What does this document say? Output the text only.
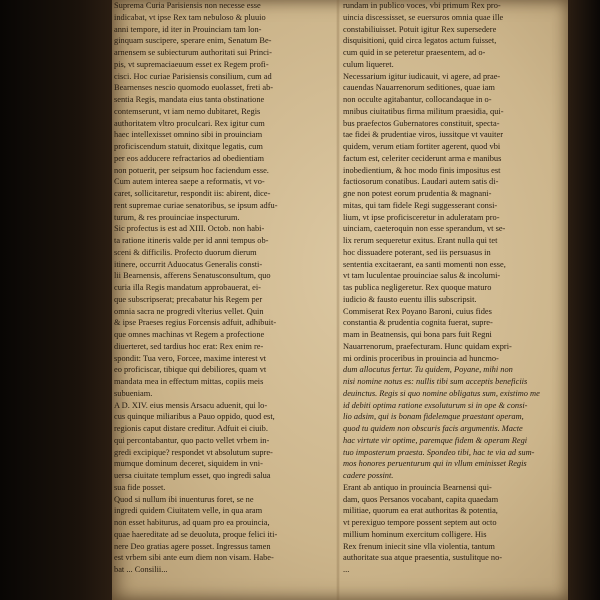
Suprema Curia Parisiensis non necesse esse
indicabat, vt ipse Rex tam nebuloso & pluuio
anni tempore, id iter in Prouinciam tam lon-
ginquam suscipere, sperare enim, Senatum Be-
arnensem se subiecturum authoritati sui Princi-
pis, vt supremaciaeuum esset ex Regem profi-
cisci. Hoc curiae Parisiensis consilium, cum ad
Bearnenses nescio quomodo euolasset, freti ab-
sentia Regis, mandata eius tanta obstinatione
contemserunt, vt iam nemo dubitaret, Regis
authoritatem vltro proculcari. Rex igitur cum
haec intellexisset omnino sibi in prouinciam
proficiscendum statuit, dixitque legatis, cum
per eos adducere refractarios ad obedientiam
non potuerit, per seipsum hoc faciendum esse.
Cum autem interea saepe a reformatis, vt vo-
caret, sollicitaretur, respondit iis: abirent, dice-
rent supremae curiae senatoribus, se ipsum adfu-
turum, & res prouinciae inspecturum.
Sic profectus is est ad XIII. Octob. non habi-
ta ratione itineris valde per id anni tempus ob-
sceni & difficilis. Profecto duorum dierum
itinere, occurrit Aduocatus Generalis consti-
lii Bearnensis, afferens Senatusconsultum, quo
curia illa Regis mandatum approbauerat, ei-
que subscripserat; precabatur his Regem per
omnia sacra ne progredi vlterius vellet. Quin
& ipse Praeses regius Forcensis adfuit, adhibuit-
que omnes machinas vt Regem a profectione
diuerteret, sed tardius hoc erat: Rex enim re-
spondit: Tua vero, Forcee, maxime interest vt
eo proficiscar, tibique qui debiliores, quam vt
mandata mea in effectum mittas, copiis meis
subueniam.
A D. XIV. eius mensis Arsacu aduenit, qui lo-
cus quinque miliaribus a Pauo oppido, quod est,
regionis caput distare creditur. Adfuit ei ciuib.
qui percontabantur, quo pacto vellet vrbem in-
gredi excipique? respondet vt absolutum supre-
mumque dominum deceret, siquidem in vni-
uersa ciuitate templum esset, quo ingredi salua
sua fide posset.
Quod si nullum ibi inuenturus foret, se ne
ingredi quidem Ciuitatem velle, in qua aram
non esset habiturus, ad quam pro ea prouincia,
quae haereditate ad se deuoluta, proque felici iti-
nere Deo gratias agere posset. Ingressus tamen
est vrbem sibi ante eum diem non visam. Habe-
bat ... Consilii...
rundam in publico voces, vbi primum Rex pro-
uincia discessisset, se euersuros omnia quae ille
constabiliuisset. Potuit igitur Rex supersedere
disquisitioni, quid circa legatos actum fuisset,
cum quid in se peteretur praesentem, ad o-
culum liqueret.
Necessarium igitur iudicauit, vi agere, ad prae-
cauendas Nauarrenorum seditiones, quae iam
non occulte agitabantur, collocandaque in o-
mnibus ciuitatibus firma militum praesidia, qui-
bus praefectos Gubernatores constituit, specta-
tae fidei & prudentiae viros, iussitque vt vauiter
quidem, verum etiam fortiter agerent, quod vbi
factum est, celeriter ceciderunt arma e manibus
inobedientium, & hoc modo finis impositus est
factiosorum conatibus. Laudari autem satis di-
gne non potest eorum prudentia & magnani-
mitas, qui tam fidele Regi suggesserant consi-
lium, vt ipse proficisceretur in aduleratam pro-
uinciam, caeteroquin non esse sperandum, vt se-
lix rerum sequeretur exitus. Erant nulla qui tet
hoc dissuadere poterant, sed iis persuasus in
sententia excitaerant, ea santi momenti non esse,
vt tam luculentae prouinciae salus & incolumi-
tas publica negligeretur. Rex quoque maturo
iudicio & fausto euentu illis subscripsit.
Commiserat Rex Poyano Baroni, cuius fides
constantia & prudentia cognita fuerat, supre-
mam in Beatnensis, qui bona pars fuit Regni
Nauarrenorum, praefecturam. Hunc quidam expri-
mi ordinis proceribus in prouincia ad huncmo-
dum allocutus fertur. Tu quidem, Poyane, mihi non
nisi nomine notus es: nullis tibi sum acceptis beneficiis
deuinctus. Regis si quo nomine obligatus sum, existimo me
id debiti optima ratione exsoluturum si in ope & consi-
lio adsim, qui is bonam fidelemque praestant operam,
quod tu quidem non obscuris facis argumentis. Macte
hac virtute vir optime, paremque fidem & operam Regi
tuo imposterum praesta. Spondeo tibi, hac te via ad sum-
mos honores peruenturum qui in vllum eminisset Regis
cadere possint.
Erant ab antiquo in prouincia Bearnensi qui-
dam, quos Persanos vocabant, capita quaedam
militiae, quorum ea erat authoritas & potentia,
vt perexiguo tempore possent septem aut octo
millium hominum exercitum colligere. His
Rex frenum iniecit sine vlla violentia, tantum
authoritate sua atque praesentia, sustulitque no-
...
